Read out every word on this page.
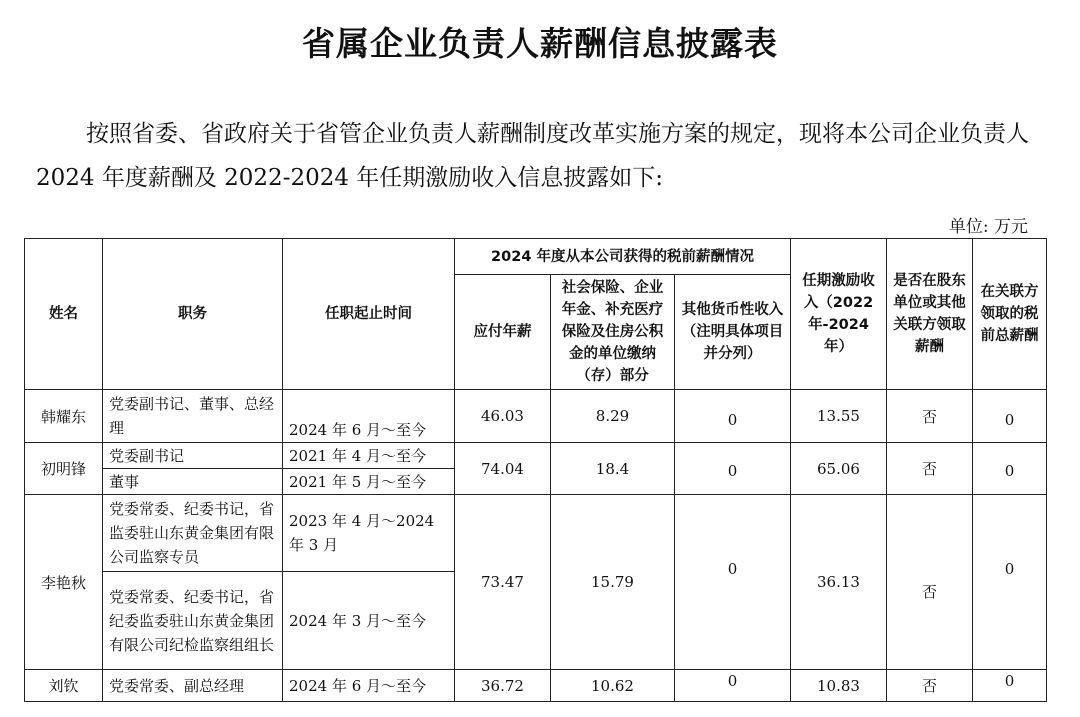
省属企业负责人薪酬信息披露表

按照省委、省政府关于省管企业负责人薪酬制度改革实施方案的规定，现将本公司企业负责人 2024 年度薪酬及 2022-2024 年任期激励收入信息披露如下:

单位: 万元
姓名	职务	任职起止时间	2024 年度从本公司获得的税前薪酬情况			任期激励收入（2022 年-2024 年）	是否在股东单位或其他关联方领取薪酬	在关联方领取的税前总薪酬
			应付年薪	社会保险、企业年金、补充医疗保险及住房公积金的单位缴纳（存）部分	其他货币性收入（注明具体项目并分列）			
韩耀东	党委副书记、董事、总经理	2024 年 6 月～至今	46.03	8.29	0	13.55	否	0
初明锋	党委副书记	2021 年 4 月～至今	74.04	18.4	0	65.06	否	0
	董事	2021 年 5 月～至今						
李艳秋	党委常委、纪委书记，省监委驻山东黄金集团有限公司监察专员	2023 年 4 月～2024 年 3 月	73.47	15.79	0	36.13	否	0
	党委常委、纪委书记，省纪委监委驻山东黄金集团有限公司纪检监察组组长	2024 年 3 月～至今						
刘钦	党委常委、副总经理	2024 年 6 月～至今	36.72	10.62	0	10.83	否	0
